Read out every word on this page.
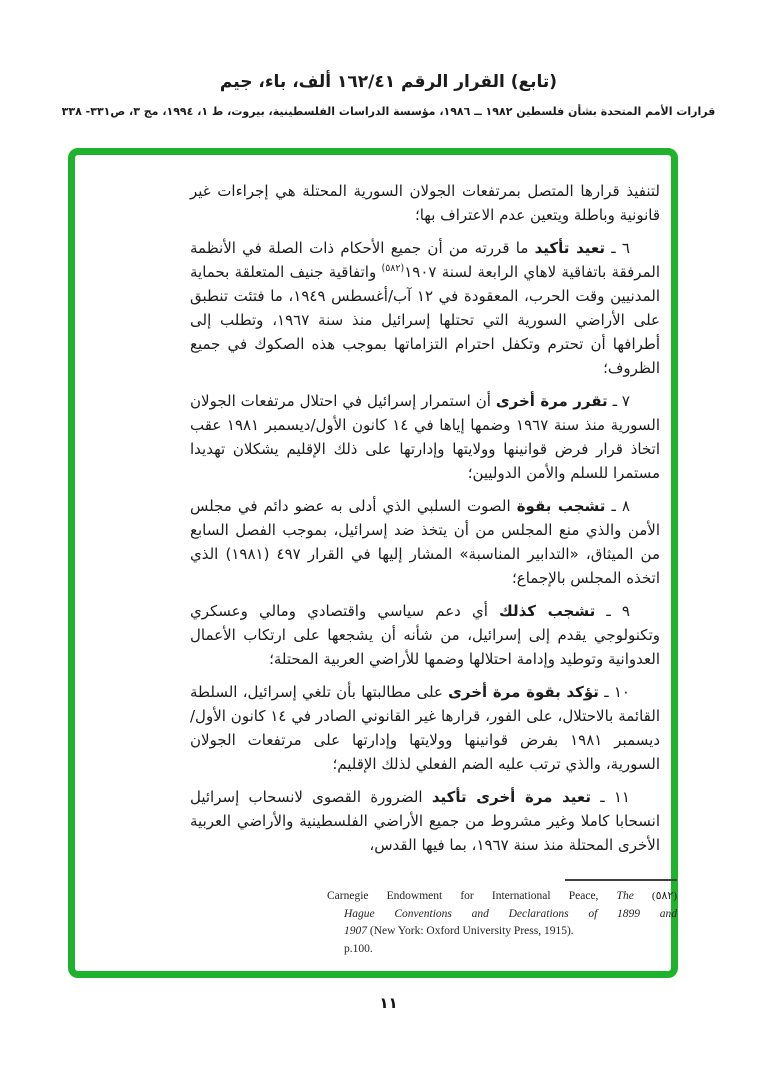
(تابع) القرار الرقم ١٦٢/٤١ ألف، باء، جيم
قرارات الأمم المتحدة بشأن فلسطين ١٩٨٢ ــ ١٩٨٦، مؤسسة الدراسات الفلسطينية، بيروت، ط ١، ١٩٩٤، مج ٣، ص٣٣١- ٣٣٨

لتنفيذ قرارها المتصل بمرتفعات الجولان السورية المحتلة هي إجراءات غير قانونية وباطلة ويتعين عدم الاعتراف بها؛

٦ ـ تعيد تأكيد ما قررته من أن جميع الأحكام ذات الصلة في الأنظمة المرفقة باتفاقية لاهاي الرابعة لسنة ١٩٠٧$^{(٥٨٢)}$ واتفاقية جنيف المتعلقة بحماية المدنيين وقت الحرب، المعقودة في ١٢ آب/أغسطس ١٩٤٩، ما فتئت تنطبق على الأراضي السورية التي تحتلها إسرائيل منذ سنة ١٩٦٧، وتطلب إلى أطرافها أن تحترم وتكفل احترام التزاماتها بموجب هذه الصكوك في جميع الظروف؛

٧ ـ تقرر مرة أخرى أن استمرار إسرائيل في احتلال مرتفعات الجولان السورية منذ سنة ١٩٦٧ وضمها إياها في ١٤ كانون الأول/ديسمبر ١٩٨١ عقب اتخاذ قرار فرض قوانينها وولايتها وإدارتها على ذلك الإقليم يشكلان تهديدا مستمرا للسلم والأمن الدوليين؛

٨ ـ تشجب بقوة الصوت السلبي الذي أدلى به عضو دائم في مجلس الأمن والذي منع المجلس من أن يتخذ ضد إسرائيل، بموجب الفصل السابع من الميثاق، «التدابير المناسبة» المشار إليها في القرار ٤٩٧ (١٩٨١) الذي اتخذه المجلس بالإجماع؛

٩ ـ تشجب كذلك أي دعم سياسي واقتصادي ومالي وعسكري وتكنولوجي يقدم إلى إسرائيل، من شأنه أن يشجعها على ارتكاب الأعمال العدوانية وتوطيد وإدامة احتلالها وضمها للأراضي العربية المحتلة؛

١٠ ـ تؤكد بقوة مرة أخرى على مطالبتها بأن تلغي إسرائيل، السلطة القائمة بالاحتلال، على الفور، قرارها غير القانوني الصادر في ١٤ كانون الأول/ديسمبر ١٩٨١ بفرض قوانينها وولايتها وإدارتها على مرتفعات الجولان السورية، والذي ترتب عليه الضم الفعلي لذلك الإقليم؛

١١ ـ تعيد مرة أخرى تأكيد الضرورة القصوى لانسحاب إسرائيل انسحابا كاملا وغير مشروط من جميع الأراضي الفلسطينية والأراضي العربية الأخرى المحتلة منذ سنة ١٩٦٧، بما فيها القدس،

Carnegie Endowment for International Peace, The (٥٨٢)
Hague Conventions and Declarations of 1899 and
1907 (New York: Oxford University Press, 1915).
p.100.
١١
